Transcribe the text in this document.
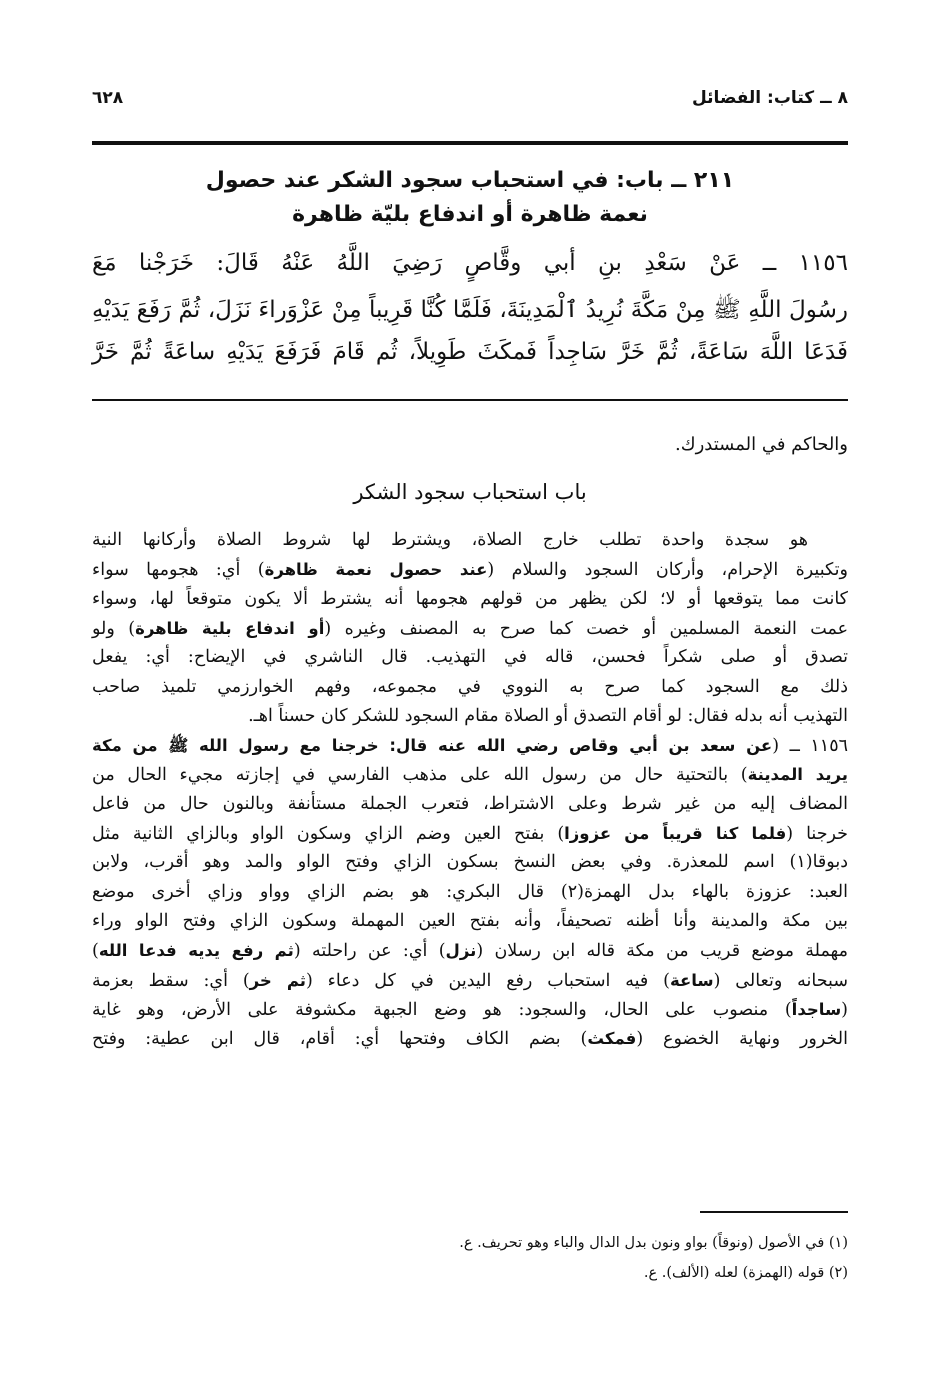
٦٢٨	٨ ــ كتاب: الفضائل
٢١١ ــ باب: في استحباب سجود الشكر عند حصول
نعمة ظاهرة أو اندفاع بليّة ظاهرة
١١٥٦ ــ عَنْ سَعْدِ بنِ أبي وقَّاصٍ رَضِيَ اللَّهُ عَنْهُ قَالَ: خَرَجْنا مَعَ
رسُولَ اللَّهِ ﷺ مِنْ مَكَّةَ نُرِيدُ ٱلْمَدِينَةَ، فَلَمَّا كُنَّا قَرِيباً مِنْ عَزْوَراءَ نَزَلَ، ثُمَّ رَفَعَ يَدَيْهِ
فَدَعَا اللَّهَ سَاعَةً، ثُمَّ خَرَّ سَاجِداً فَمكَثَ طَوِيلاً، ثُم قَامَ فَرَفَعَ يَدَيْهِ ساعَةً ثُمَّ خَرَّ
والحاكم في المستدرك.
باب استحباب سجود الشكر
هو سجدة واحدة تطلب خارج الصلاة، ويشترط لها شروط الصلاة وأركانها النية
وتكبيرة الإحرام، وأركان السجود والسلام (عند حصول نعمة ظاهرة) أي: هجومها سواء
كانت مما يتوقعها أو لا؛ لكن يظهر من قولهم هجومها أنه يشترط ألا يكون متوقعاً لها، وسواء
عمت النعمة المسلمين أو خصت كما صرح به المصنف وغيره (أو اندفاع بلية ظاهرة) ولو
تصدق أو صلى شكراً فحسن، قاله في التهذيب. قال الناشري في الإيضاح: أي: يفعل
ذلك مع السجود كما صرح به النووي في مجموعه، وفهم الخوارزمي تلميذ صاحب
التهذيب أنه بدله فقال: لو أقام التصدق أو الصلاة مقام السجود للشكر كان حسناً اهـ.
١١٥٦ ــ (عن سعد بن أبي وقاص رضي الله عنه قال: خرجنا مع رسول الله ﷺ من مكة
يريد المدينة) بالتحتية حال من رسول الله على مذهب الفارسي في إجازته مجيء الحال من
المضاف إليه من غير شرط وعلى الاشتراط، فتعرب الجملة مستأنفة وبالنون حال من فاعل
خرجنا (فلما كنا قريباً من عزوزا) بفتح العين وضم الزاي وسكون الواو وبالزاي الثانية مثل
دبوقا(١) اسم للمعذرة. وفي بعض النسخ بسكون الزاي وفتح الواو والمد وهو أقرب، ولابن
العبد: عزوزة بالهاء بدل الهمزة(٢) قال البكري: هو بضم الزاي وواو وزاي أخرى موضع
بين مكة والمدينة وأنا أظنه تصحيفاً، وأنه بفتح العين المهملة وسكون الزاي وفتح الواو وراء
مهملة موضع قريب من مكة قاله ابن رسلان (نزل) أي: عن راحلته (ثم رفع يديه فدعا الله)
سبحانه وتعالى (ساعة) فيه استحباب رفع اليدين في كل دعاء (ثم خر) أي: سقط بعزمة
(ساجداً) منصوب على الحال، والسجود: هو وضع الجبهة مكشوفة على الأرض، وهو غاية
الخرور ونهاية الخضوع (فمكث) بضم الكاف وفتحها أي: أقام، قال ابن عطية: وفتح
(١) في الأصول (ونوقاً) بواو ونون بدل الدال والباء وهو تحريف. ع.
(٢) قوله (الهمزة) لعله (الألف). ع.
